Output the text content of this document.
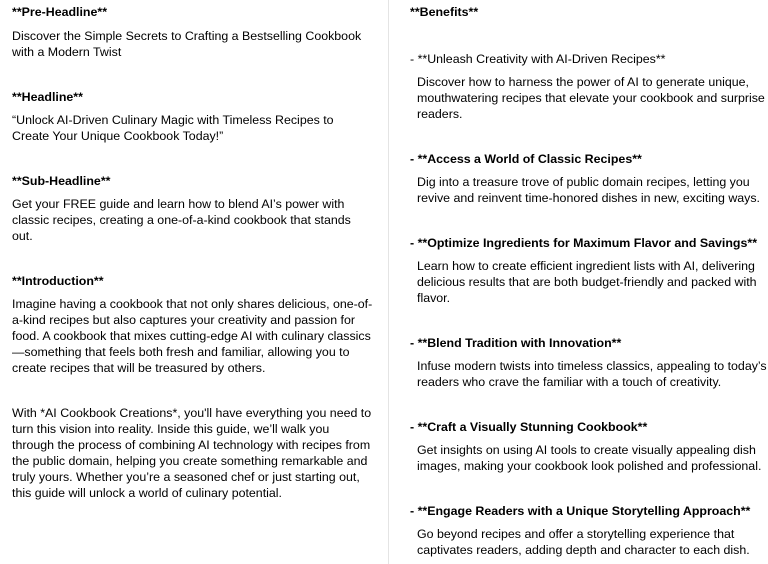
**Pre-Headline**

Discover the Simple Secrets to Crafting a Bestselling Cookbook with a Modern Twist

**Headline**

“Unlock AI-Driven Culinary Magic with Timeless Recipes to Create Your Unique Cookbook Today!”

**Sub-Headline**

Get your FREE guide and learn how to blend AI’s power with classic recipes, creating a one-of-a-kind cookbook that stands out.

**Introduction**

Imagine having a cookbook that not only shares delicious, one-of-a-kind recipes but also captures your creativity and passion for food. A cookbook that mixes cutting-edge AI with culinary classics—something that feels both fresh and familiar, allowing you to create recipes that will be treasured by others.

With *AI Cookbook Creations*, you'll have everything you need to turn this vision into reality. Inside this guide, we’ll walk you through the process of combining AI technology with recipes from the public domain, helping you create something remarkable and truly yours. Whether you’re a seasoned chef or just starting out, this guide will unlock a world of culinary potential.

**Benefits**
- **Unleash Creativity with AI-Driven Recipes**

Discover how to harness the power of AI to generate unique, mouthwatering recipes that elevate your cookbook and surprise readers.

- **Access a World of Classic Recipes**

Dig into a treasure trove of public domain recipes, letting you revive and reinvent time-honored dishes in new, exciting ways.

- **Optimize Ingredients for Maximum Flavor and Savings**

Learn how to create efficient ingredient lists with AI, delivering delicious results that are both budget-friendly and packed with flavor.

- **Blend Tradition with Innovation**

Infuse modern twists into timeless classics, appealing to today’s readers who crave the familiar with a touch of creativity.

- **Craft a Visually Stunning Cookbook**

Get insights on using AI tools to create visually appealing dish images, making your cookbook look polished and professional.

- **Engage Readers with a Unique Storytelling Approach**

Go beyond recipes and offer a storytelling experience that captivates readers, adding depth and character to each dish.
